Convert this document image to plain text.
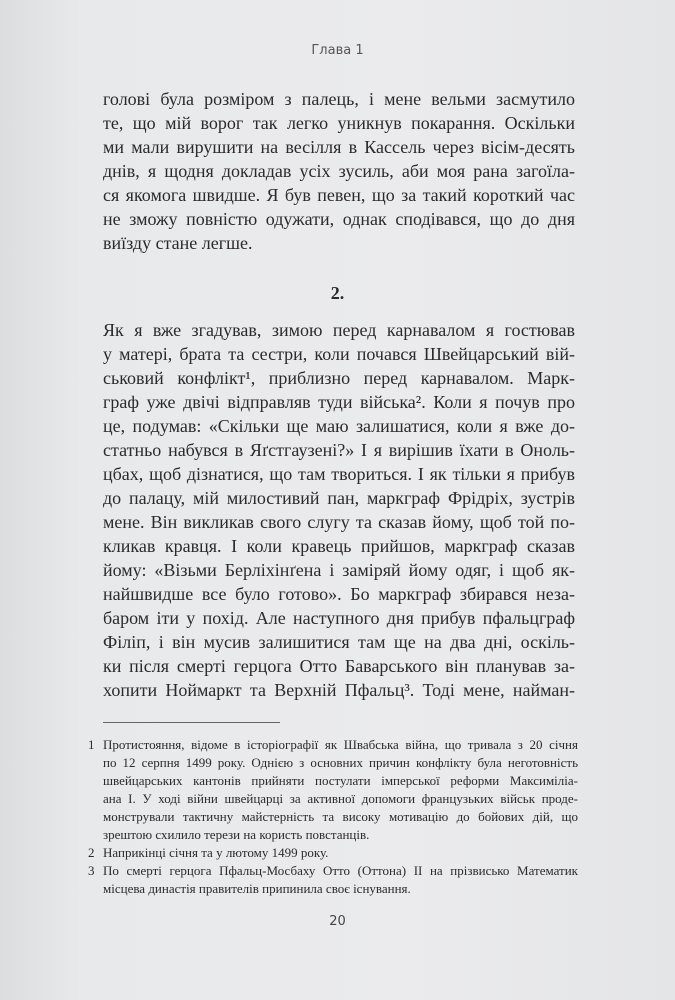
Глава 1
голові була розміром з палець, і мене вельми засмутило
те, що мій ворог так легко уникнув покарання. Оскільки
ми мали вирушити на весілля в Кассель через вісім-десять
днів, я щодня докладав усіх зусиль, аби моя рана загоїла-
ся якомога швидше. Я був певен, що за такий короткий час
не зможу повністю одужати, однак сподівався, що до дня
виїзду стане легше.
2.
Як я вже згадував, зимою перед карнавалом я гостював
у матері, брата та сестри, коли почався Швейцарський вій-
ськовий конфлікт¹, приблизно перед карнавалом. Марк-
граф уже двічі відправляв туди війська². Коли я почув про
це, подумав: «Скільки ще маю залишатися, коли я вже до-
статньо набувся в Яґстгаузені?» І я вирішив їхати в Оноль-
цбах, щоб дізнатися, що там твориться. І як тільки я прибув
до палацу, мій милостивий пан, маркграф Фрідріх, зустрів
мене. Він викликав свого слугу та сказав йому, щоб той по-
кликав кравця. І коли кравець прийшов, маркграф сказав
йому: «Візьми Берліхінґена і заміряй йому одяг, і щоб як-
найшвидше все було готово». Бо маркграф збирався неза-
баром іти у похід. Але наступного дня прибув пфальцграф
Філіп, і він мусив залишитися там ще на два дні, оскіль-
ки після смерті герцога Отто Баварського він планував за-
хопити Ноймаркт та Верхній Пфальц³. Тоді мене, найман-
1 Протистояння, відоме в історіографії як Швабська війна, що тривала з 20 січня
по 12 серпня 1499 року. Однією з основних причин конфлікту була неготовність
швейцарських кантонів прийняти постулати імперської реформи Максиміліа-
ана І. У ході війни швейцарці за активної допомоги французьких військ проде-
монстрували тактичну майстерність та високу мотивацію до бойових дій, що
зрештою схилило терези на користь повстанців.
2 Наприкінці січня та у лютому 1499 року.
3 По смерті герцога Пфальц-Мосбаху Отто (Оттона) II на прізвисько Математик
місцева династія правителів припинила своє існування.
20
